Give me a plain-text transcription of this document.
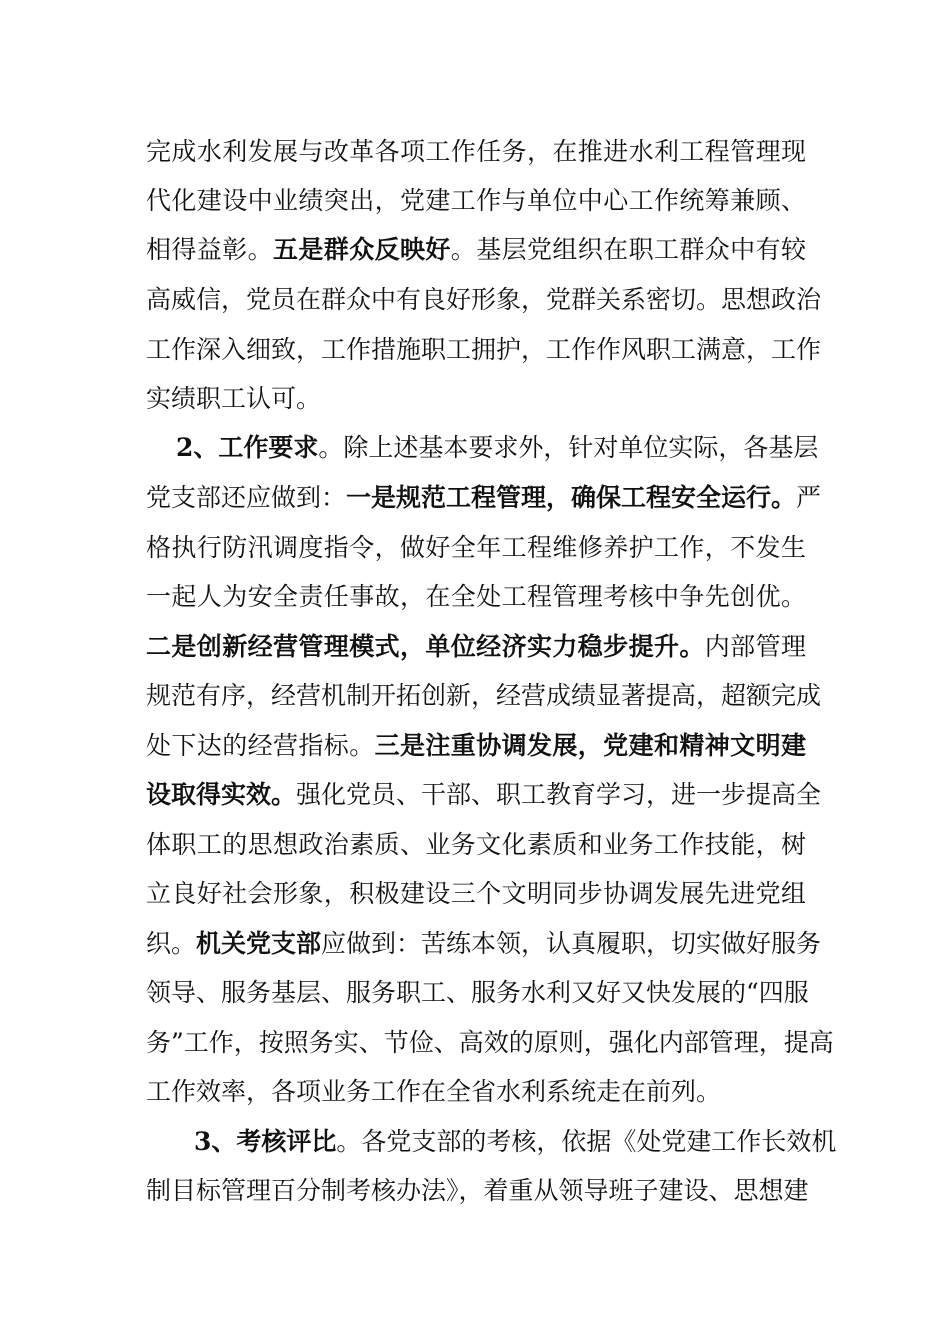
完成水利发展与改革各项工作任务，在推进水利工程管理现
代化建设中业绩突出，党建工作与单位中心工作统筹兼顾、
相得益彰。五是群众反映好。基层党组织在职工群众中有较
高威信，党员在群众中有良好形象，党群关系密切。思想政治
工作深入细致，工作措施职工拥护，工作作风职工满意，工作
实绩职工认可。
2、工作要求。除上述基本要求外，针对单位实际，各基层
党支部还应做到：一是规范工程管理，确保工程安全运行。严
格执行防汛调度指令，做好全年工程维修养护工作，不发生
一起人为安全责任事故，在全处工程管理考核中争先创优。
二是创新经营管理模式，单位经济实力稳步提升。内部管理
规范有序，经营机制开拓创新，经营成绩显著提高，超额完成
处下达的经营指标。三是注重协调发展，党建和精神文明建
设取得实效。强化党员、干部、职工教育学习，进一步提高全
体职工的思想政治素质、业务文化素质和业务工作技能，树
立良好社会形象，积极建设三个文明同步协调发展先进党组
织。机关党支部应做到：苦练本领，认真履职，切实做好服务
领导、服务基层、服务职工、服务水利又好又快发展的“四服
务”工作，按照务实、节俭、高效的原则，强化内部管理，提高
工作效率，各项业务工作在全省水利系统走在前列。
3、考核评比。各党支部的考核，依据《处党建工作长效机
制目标管理百分制考核办法》，着重从领导班子建设、思想建
